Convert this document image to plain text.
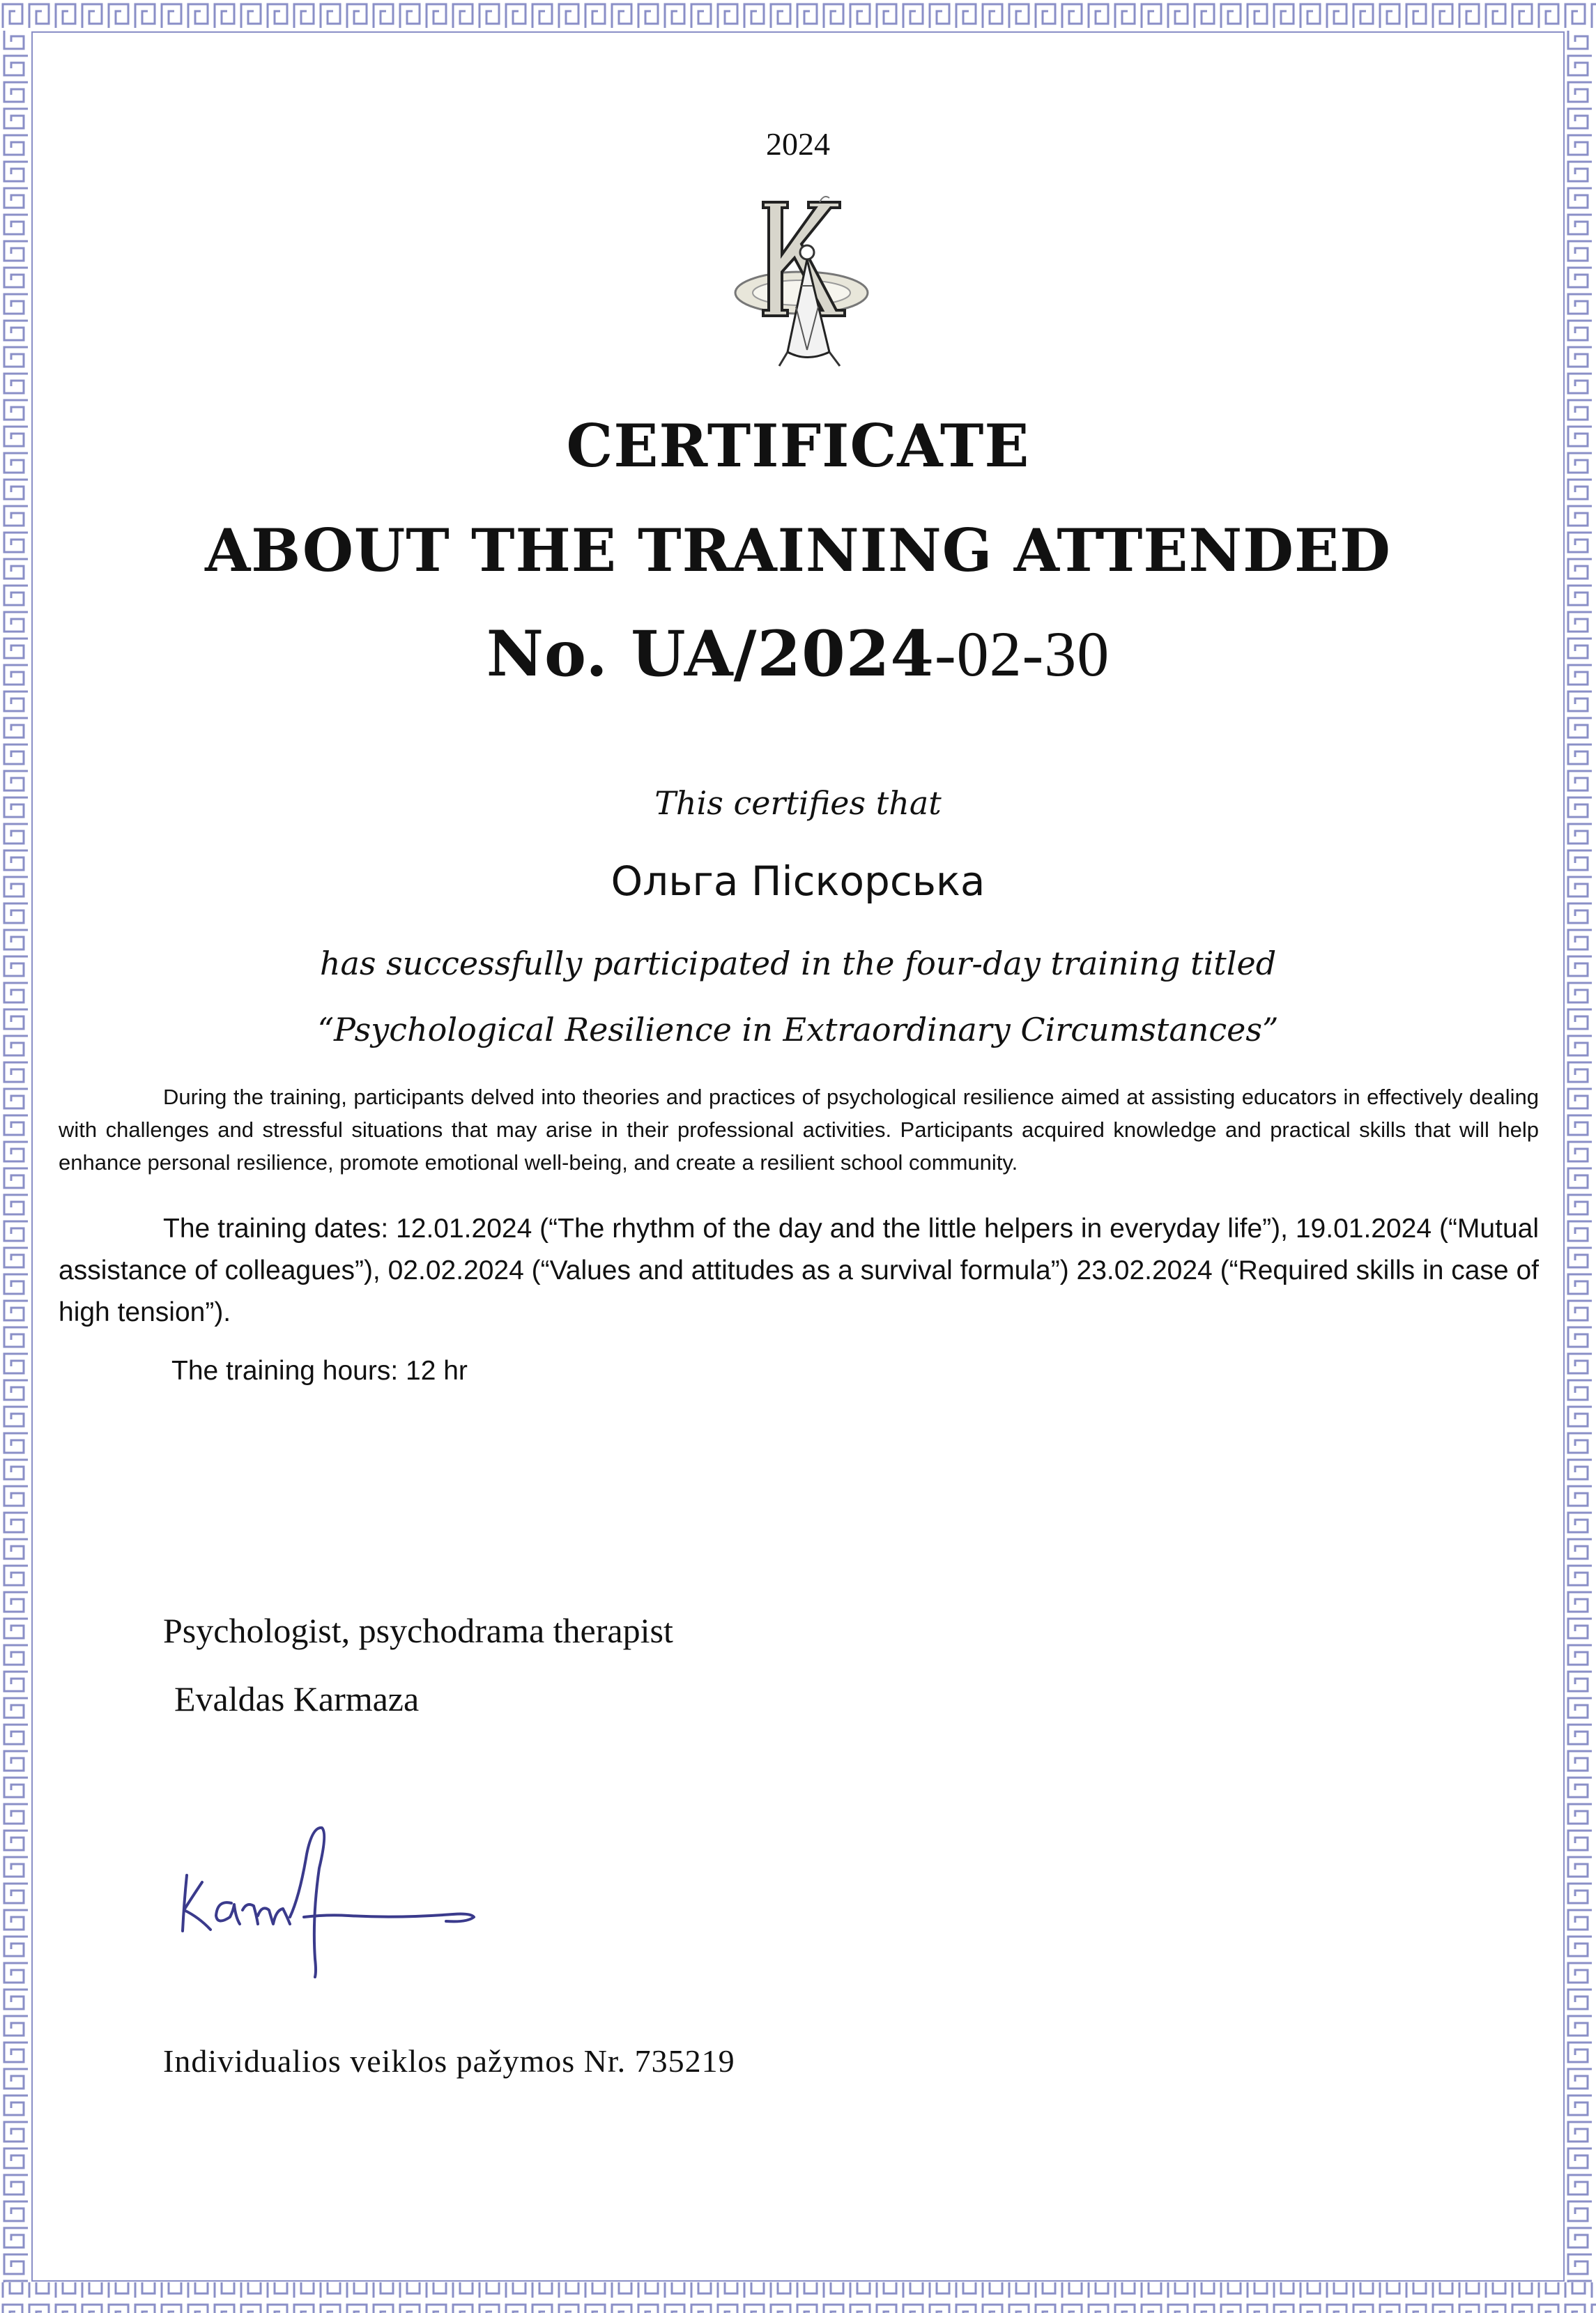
2024
CERTIFICATE
ABOUT THE TRAINING ATTENDED
No. UA/2024-02-30
This certifies that
Ольга Піскорська
has successfully participated in the four-day training titled
“Psychological Resilience in Extraordinary Circumstances”
During the training, participants delved into theories and practices of psychological resilience aimed at assisting educators in effectively dealing with challenges and stressful situations that may arise in their professional activities. Participants acquired knowledge and practical skills that will help enhance personal resilience, promote emotional well-being, and create a resilient school community.
The training dates: 12.01.2024 (“The rhythm of the day and the little helpers in everyday life”), 19.01.2024 (“Mutual assistance of colleagues”), 02.02.2024 (“Values and attitudes as a survival formula”) 23.02.2024 (“Required skills in case of high tension”).
The training hours: 12 hr
Psychologist, psychodrama therapist
Evaldas Karmaza
Individualios veiklos pažymos Nr. 735219
